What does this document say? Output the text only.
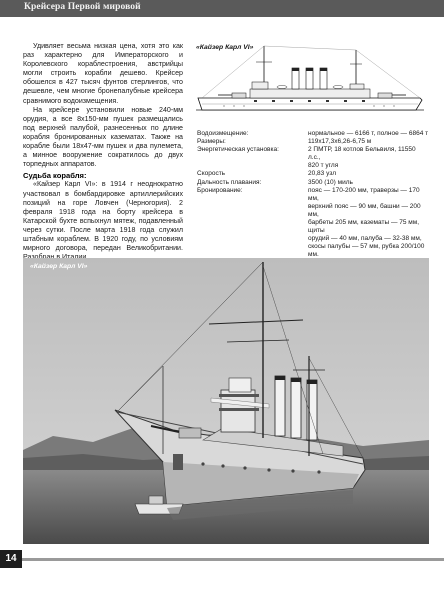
Крейсера Первой мировой

Удивляет весьма низкая цена, хотя это как раз характерно для Императорского и Королевского кораблестроения, австрийцы могли строить корабли дешево. Крейсер обошелся в 427 тысяч фунтов стерлингов, что дешевле, чем многие бронепалубные крейсера сравнимого водоизмещения.

На крейсере установили новые 240-мм орудия, а все 8х150-мм пушек размещались под верхней палубой, разнесенных по длине корабля бронированных казематах. Также на корабле были 18х47-мм пушек и два пулемета, а минное вооружение сократилось до двух торпедных аппаратов.

Судьба корабля:

«Кайзер Карл VI»: в 1914 г неоднократно участвовал в бомбардировке артиллерийских позиций на горе Ловчен (Черногория). 2 февраля 1918 года на борту крейсера в Катарской бухте вспыхнул мятеж, подавленный через сутки. После марта 1918 года служил штабным кораблем. В 1920 году, по условиям мирного договора, передан Великобритании.

«Кайзер Карл VI»
Водоизмещение:	нормальное — 6166 т, полное — 6864 т

Размеры:	119х17,3х6,26-6,75 м

Энергетическая установка:	2 ПМТР, 18 котлов Бельвиля, 11550 л.с.,
820 т угля

Скорость	20,83 узл

Дальность плавания:	3500 (10) миль

Бронирование:	пояс — 170-200 мм, траверзы — 170 мм,
верхний пояс — 90 мм, башни — 200 мм,
барбеты 205 мм, казематы — 75 мм, щиты
орудий — 40 мм, палуба — 32-38 мм,
скосы палубы — 57 мм, рубка 200/100 мм.

«Кайзер Карл VI»
14
